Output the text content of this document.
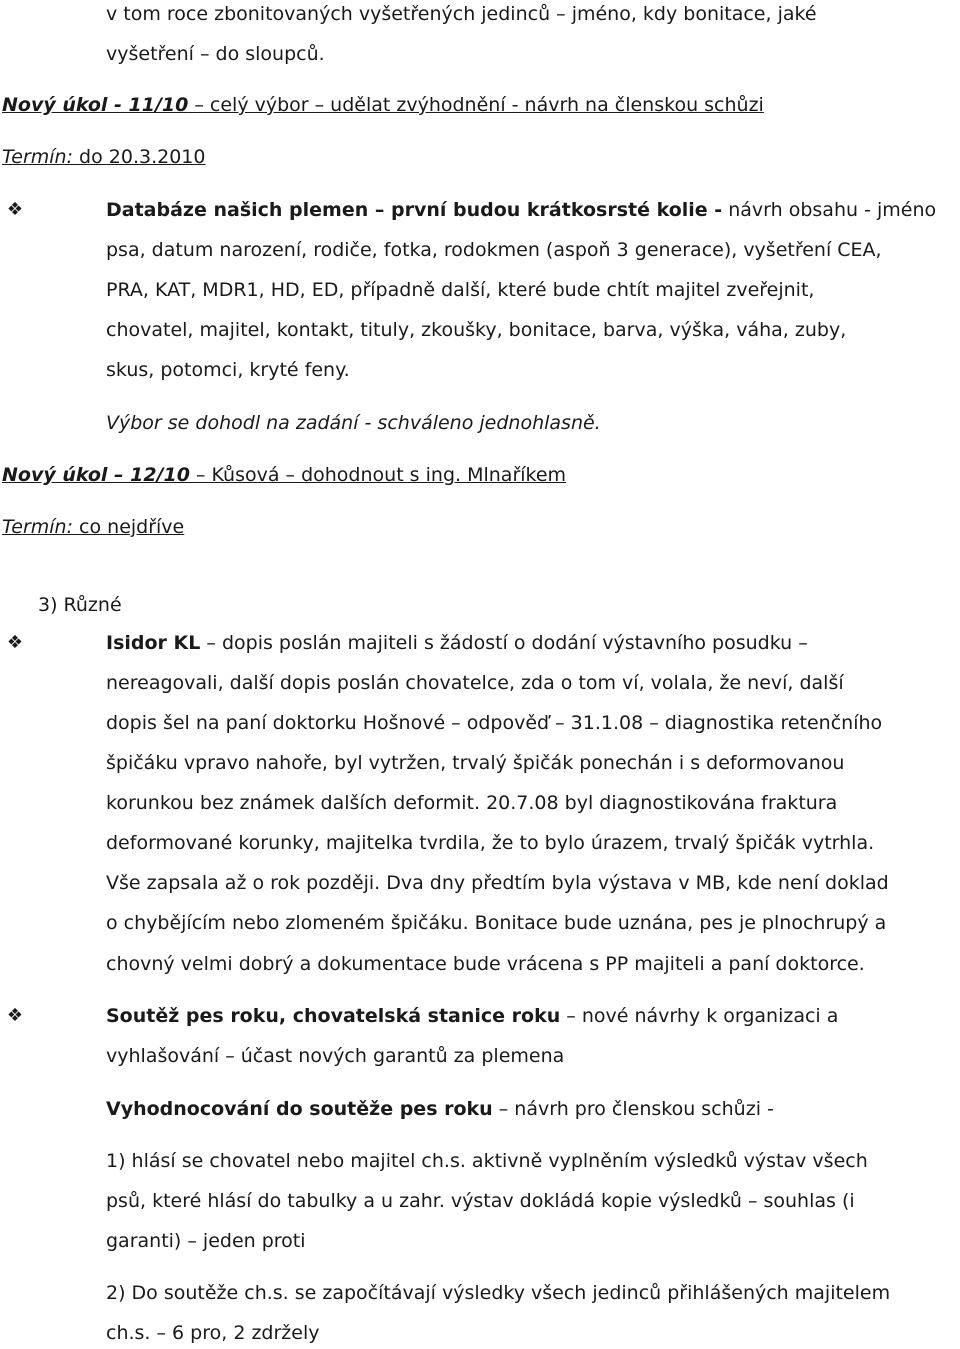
v tom roce zbonitovaných vyšetřených jedinců – jméno, kdy bonitace, jaké
vyšetření – do sloupců.
Nový úkol - 11/10 – celý výbor – udělat zvýhodnění - návrh na členskou schůzi
Termín: do 20.3.2010
❖	Databáze našich plemen – první budou krátkosrsté kolie - návrh obsahu - jméno
psa, datum narození, rodiče, fotka, rodokmen (aspoň 3 generace), vyšetření CEA,
PRA, KAT, MDR1, HD, ED, případně další, které bude chtít majitel zveřejnit,
chovatel, majitel, kontakt, tituly, zkoušky, bonitace, barva, výška, váha, zuby,
skus, potomci, kryté feny.
Výbor se dohodl na zadání - schváleno jednohlasně.
Nový úkol – 12/10 – Kůsová – dohodnout s ing. Mlnaříkem
Termín: co nejdříve
3) Různé
❖	Isidor KL – dopis poslán majiteli s žádostí o dodání výstavního posudku –
nereagovali, další dopis poslán chovatelce, zda o tom ví, volala, že neví, další
dopis šel na paní doktorku Hošnové – odpověď – 31.1.08 – diagnostika retenčního
špičáku vpravo nahoře, byl vytržen, trvalý špičák ponechán i s deformovanou
korunkou bez známek dalších deformit. 20.7.08 byl diagnostikována fraktura
deformované korunky, majitelka tvrdila, že to bylo úrazem, trvalý špičák vytrhla.
Vše zapsala až o rok později. Dva dny předtím byla výstava v MB, kde není doklad
o chybějícím nebo zlomeném špičáku. Bonitace bude uznána, pes je plnochrupý a
chovný velmi dobrý a dokumentace bude vrácena s PP majiteli a paní doktorce.
❖	Soutěž pes roku, chovatelská stanice roku – nové návrhy k organizaci a
vyhlašování – účast nových garantů za plemena
Vyhodnocování do soutěže pes roku – návrh pro členskou schůzi -
1) hlásí se chovatel nebo majitel ch.s. aktivně vyplněním výsledků výstav všech
psů, které hlásí do tabulky a u zahr. výstav dokládá kopie výsledků – souhlas (i
garanti) – jeden proti
2) Do soutěže ch.s. se započítávají výsledky všech jedinců přihlášených majitelem
ch.s. – 6 pro, 2 zdržely
